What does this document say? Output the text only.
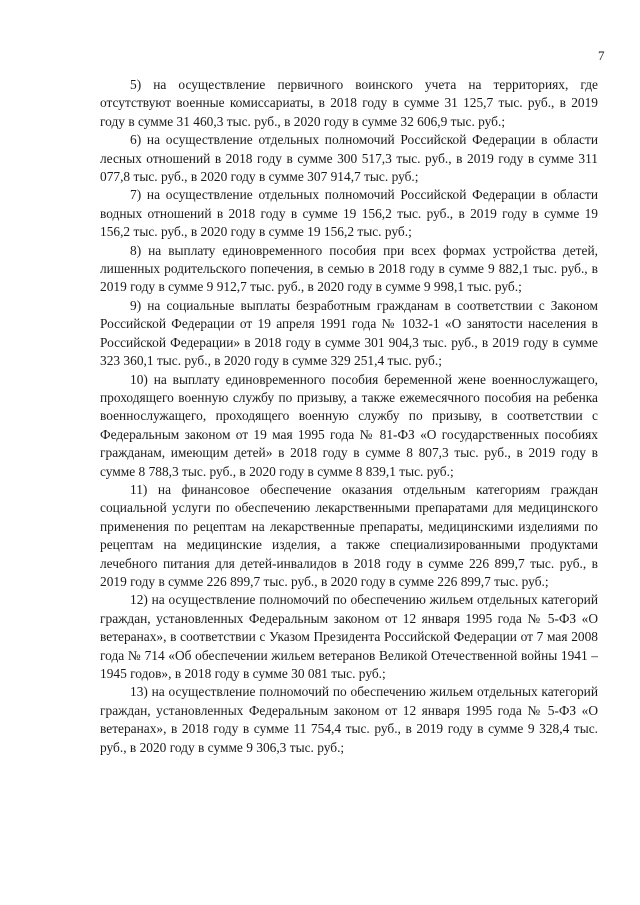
7

5) на осуществление первичного воинского учета на территориях, где отсутствуют военные комиссариаты, в 2018 году в сумме 31 125,7 тыс. руб., в 2019 году в сумме 31 460,3 тыс. руб., в 2020 году в сумме 32 606,9 тыс. руб.;

6) на осуществление отдельных полномочий Российской Федерации в области лесных отношений в 2018 году в сумме 300 517,3 тыс. руб., в 2019 году в сумме 311 077,8 тыс. руб., в 2020 году в сумме 307 914,7 тыс. руб.;

7) на осуществление отдельных полномочий Российской Федерации в области водных отношений в 2018 году в сумме 19 156,2 тыс. руб., в 2019 году в сумме 19 156,2 тыс. руб., в 2020 году в сумме 19 156,2 тыс. руб.;

8) на выплату единовременного пособия при всех формах устройства детей, лишенных родительского попечения, в семью в 2018 году в сумме 9 882,1 тыс. руб., в 2019 году в сумме 9 912,7 тыс. руб., в 2020 году в сумме 9 998,1 тыс. руб.;

9) на социальные выплаты безработным гражданам в соответствии с Законом Российской Федерации от 19 апреля 1991 года № 1032-1 «О занятости населения в Российской Федерации» в 2018 году в сумме 301 904,3 тыс. руб., в 2019 году в сумме 323 360,1 тыс. руб., в 2020 году в сумме 329 251,4 тыс. руб.;

10) на выплату единовременного пособия беременной жене военнослужащего, проходящего военную службу по призыву, а также ежемесячного пособия на ребенка военнослужащего, проходящего военную службу по призыву, в соответствии с Федеральным законом от 19 мая 1995 года № 81-ФЗ «О государственных пособиях гражданам, имеющим детей» в 2018 году в сумме 8 807,3 тыс. руб., в 2019 году в сумме 8 788,3 тыс. руб., в 2020 году в сумме 8 839,1 тыс. руб.;

11) на финансовое обеспечение оказания отдельным категориям граждан социальной услуги по обеспечению лекарственными препаратами для медицинского применения по рецептам на лекарственные препараты, медицинскими изделиями по рецептам на медицинские изделия, а также специализированными продуктами лечебного питания для детей-инвалидов в 2018 году в сумме 226 899,7 тыс. руб., в 2019 году в сумме 226 899,7 тыс. руб., в 2020 году в сумме 226 899,7 тыс. руб.;

12) на осуществление полномочий по обеспечению жильем отдельных категорий граждан, установленных Федеральным законом от 12 января 1995 года № 5-ФЗ «О ветеранах», в соответствии с Указом Президента Российской Федерации от 7 мая 2008 года № 714 «Об обеспечении жильем ветеранов Великой Отечественной войны 1941 – 1945 годов», в 2018 году в сумме 30 081 тыс. руб.;

13) на осуществление полномочий по обеспечению жильем отдельных категорий граждан, установленных Федеральным законом от 12 января 1995 года № 5-ФЗ «О ветеранах», в 2018 году в сумме 11 754,4 тыс. руб., в 2019 году в сумме 9 328,4 тыс. руб., в 2020 году в сумме 9 306,3 тыс. руб.;
